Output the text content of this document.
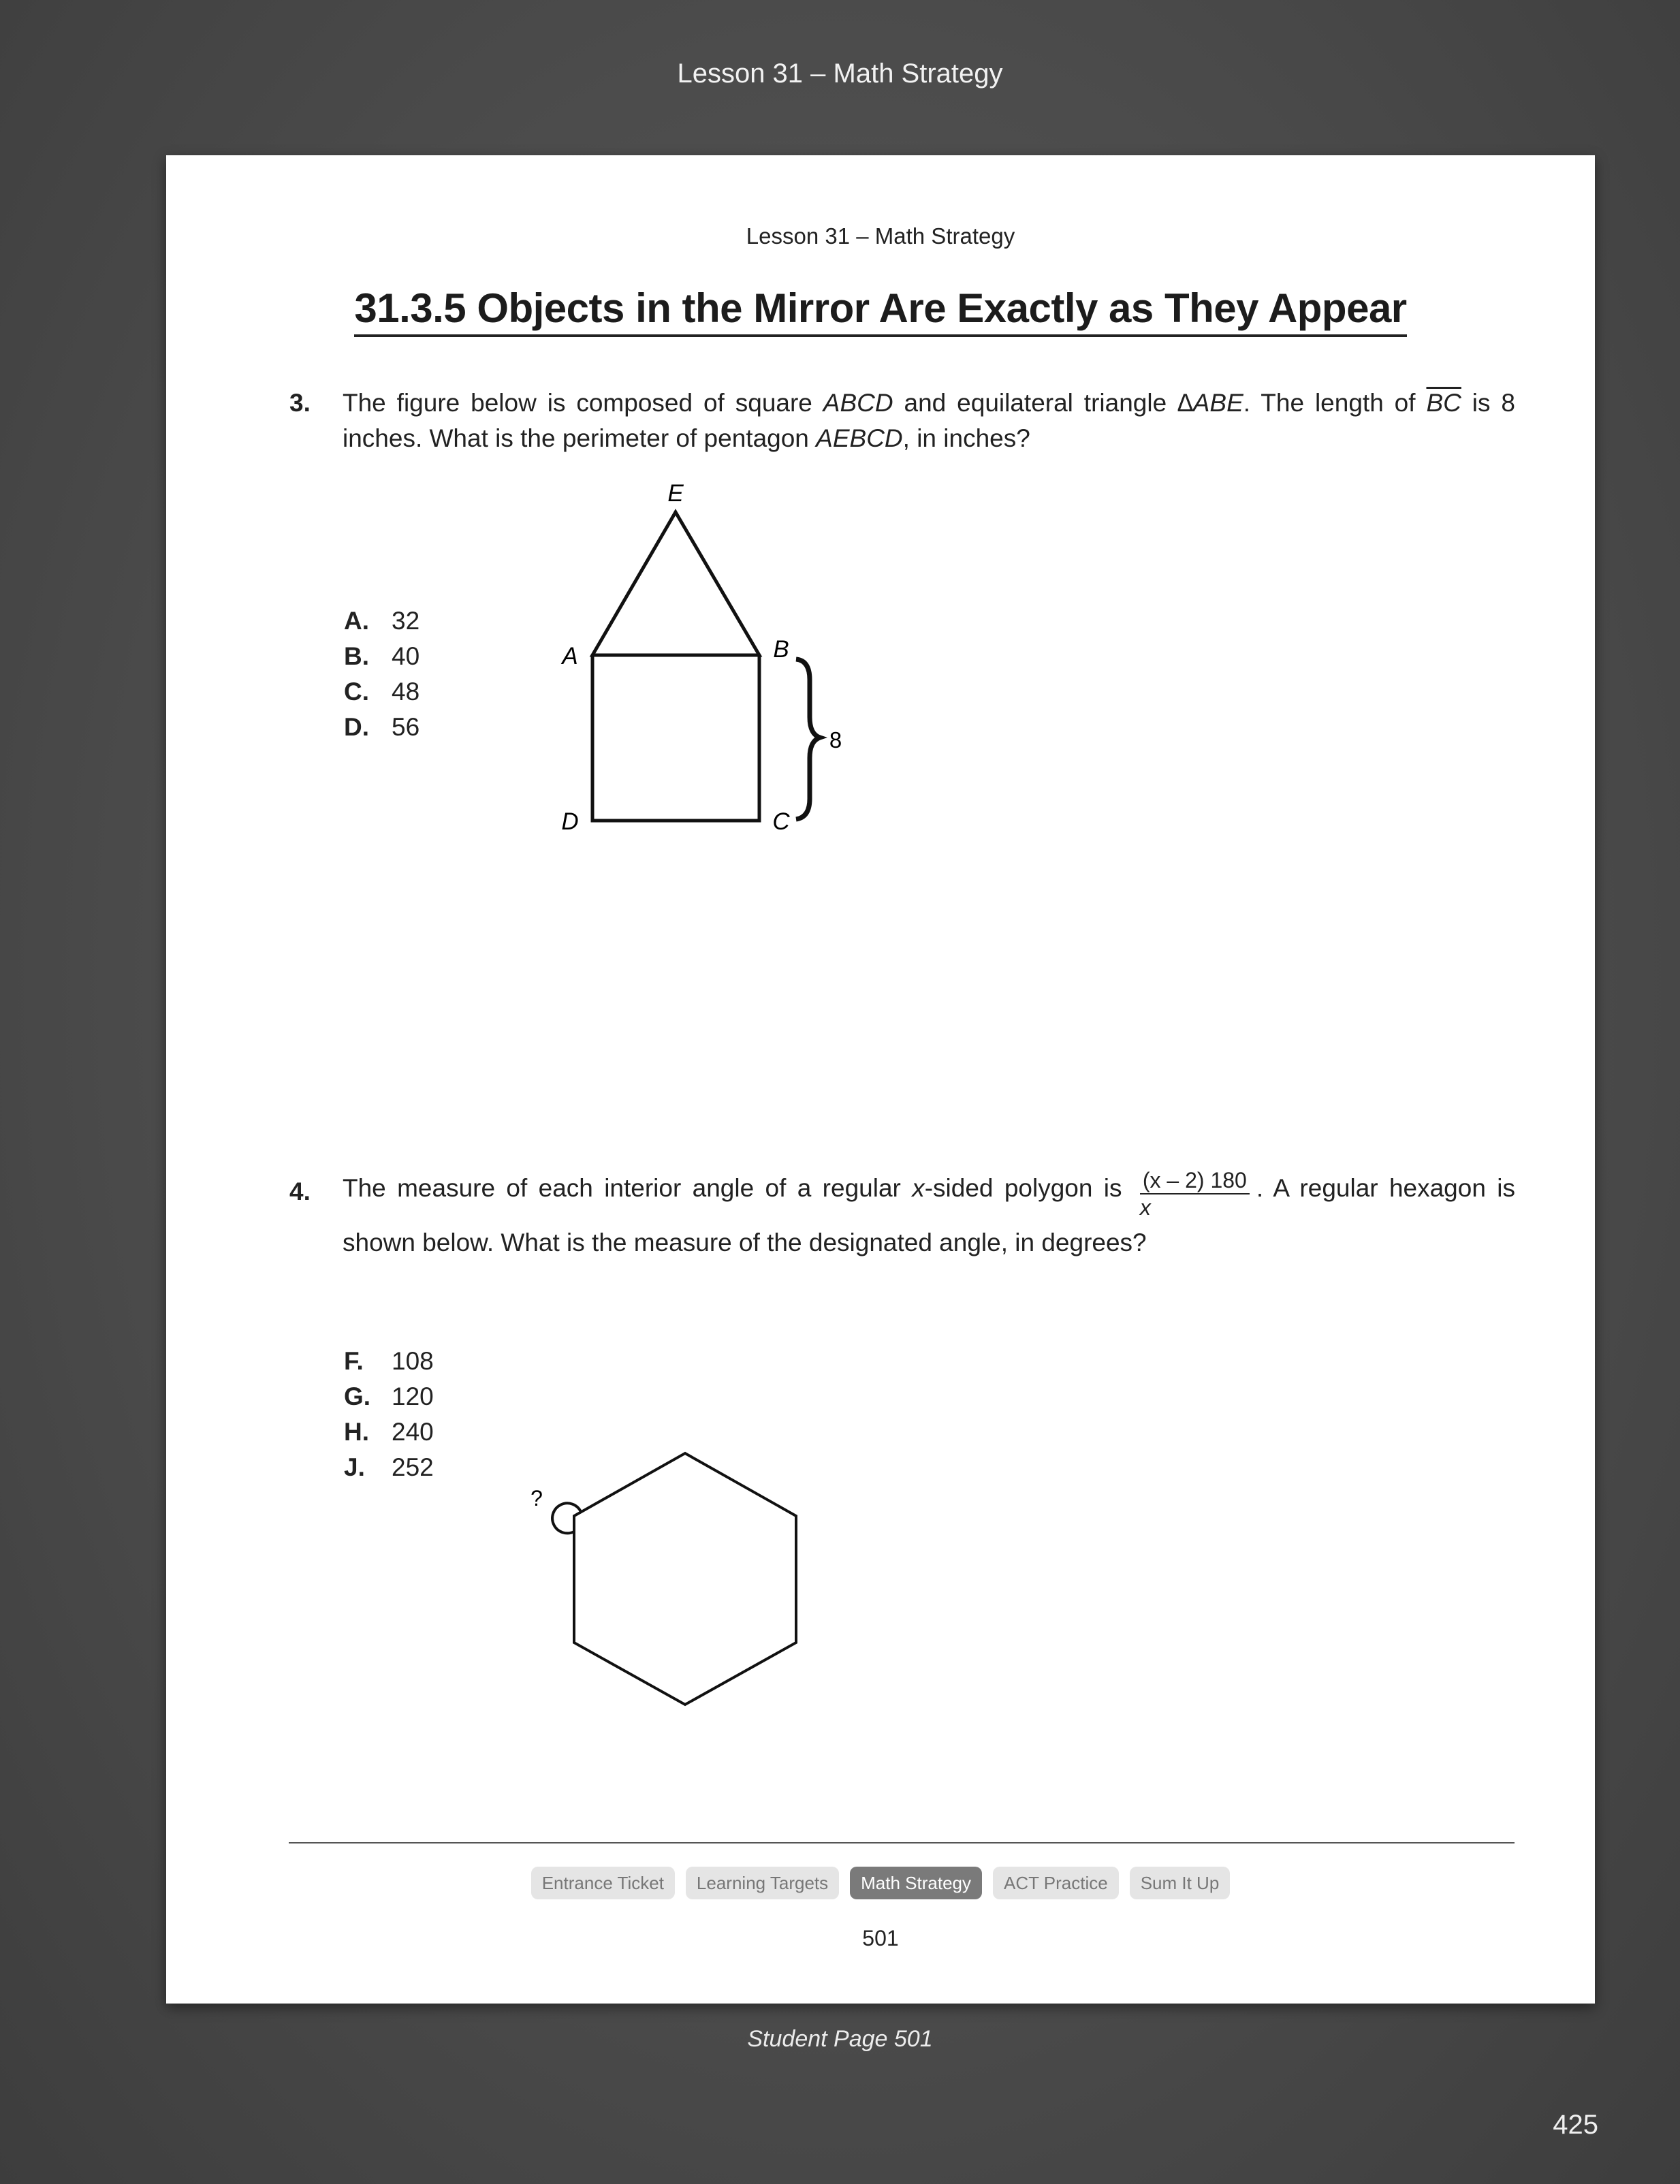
Lesson 31 – Math Strategy
Lesson 31 – Math Strategy
31.3.5 Objects in the Mirror Are Exactly as They Appear
3. The figure below is composed of square ABCD and equilateral triangle ∆ABE. The length of $\overline{BC}$ is 8 inches. What is the perimeter of pentagon AEBCD, in inches?
A. 32
B. 40
C. 48
D. 56
E
A	B
C
D
8
4. The measure of each interior angle of a regular x-sided polygon is $\frac{(x - 2) 180}{x}$ . A regular hexagon is shown below. What is the measure of the designated angle, in degrees?
F. 108
G. 120
H. 240
J. 252
?
Entrance Ticket Learning Targets Math Strategy ACT Practice Sum It Up
501
Student Page 501
425
